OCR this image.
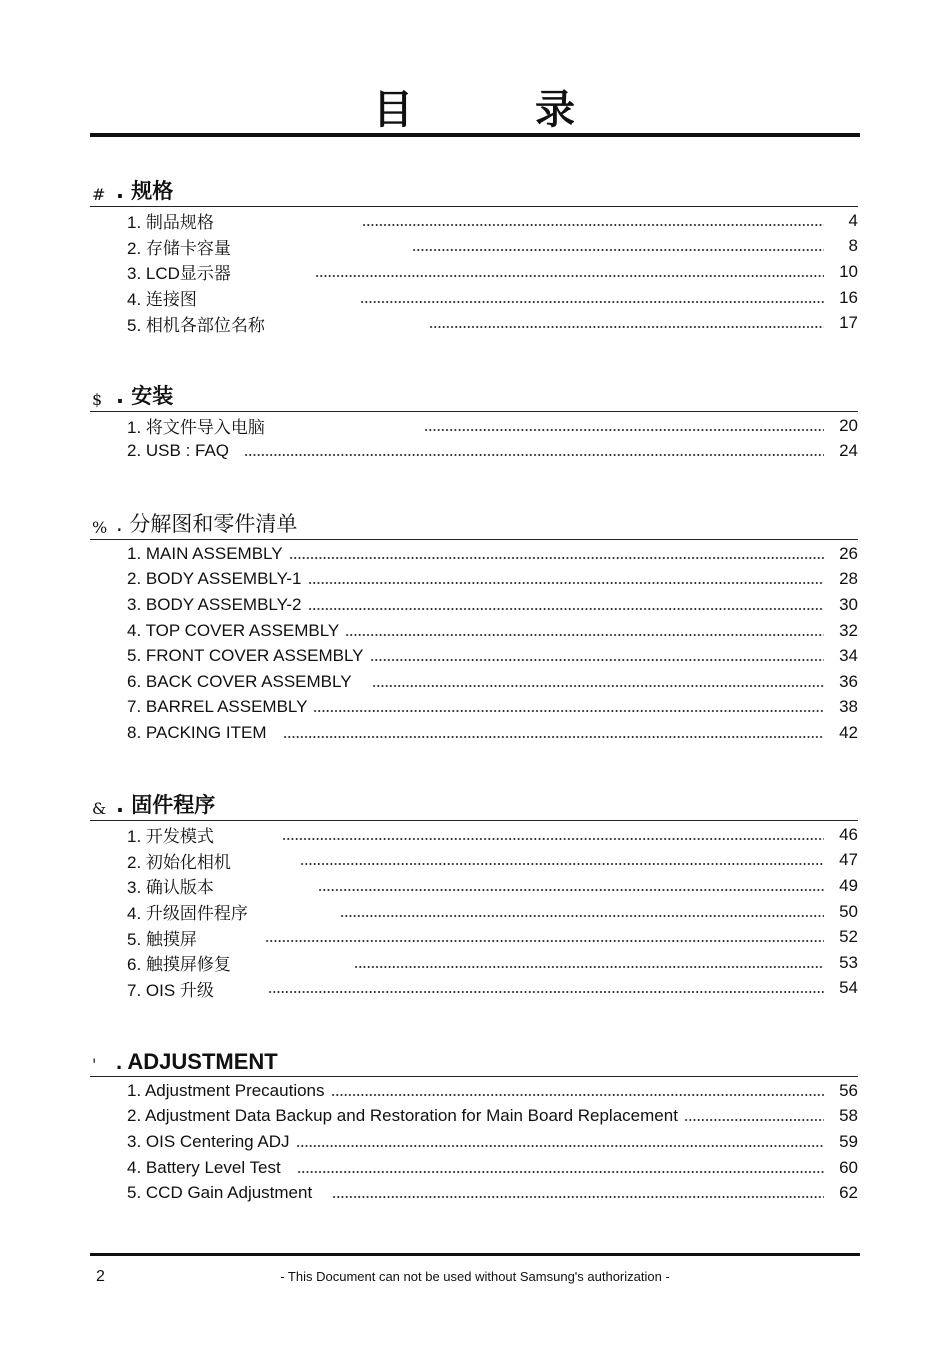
目	录
# . 规格
1. 制品规格	4
2. 存储卡容量	8
3. LCD显示器	10
4. 连接图	16
5. 相机各部位名称	17
$ . 安装
1. 将文件导入电脑	20
2. USB : FAQ	24
% . 分解图和零件清单
1. MAIN ASSEMBLY	26
2. BODY ASSEMBLY-1	28
3. BODY ASSEMBLY-2	30
4. TOP COVER ASSEMBLY	32
5. FRONT COVER ASSEMBLY	34
6. BACK COVER ASSEMBLY	36
7. BARREL ASSEMBLY	38
8. PACKING ITEM	42
& . 固件程序
1. 开发模式	46
2. 初始化相机	47
3. 确认版本	49
4. 升级固件程序	50
5. 触摸屏	52
6. 触摸屏修复	53
7. OIS 升级	54
' . ADJUSTMENT
1. Adjustment Precautions	56
2. Adjustment Data Backup and Restoration for Main Board Replacement	58
3. OIS Centering ADJ	59
4. Battery Level Test	60
5. CCD Gain Adjustment	62
2	- This Document can not be used without Samsung's authorization -
